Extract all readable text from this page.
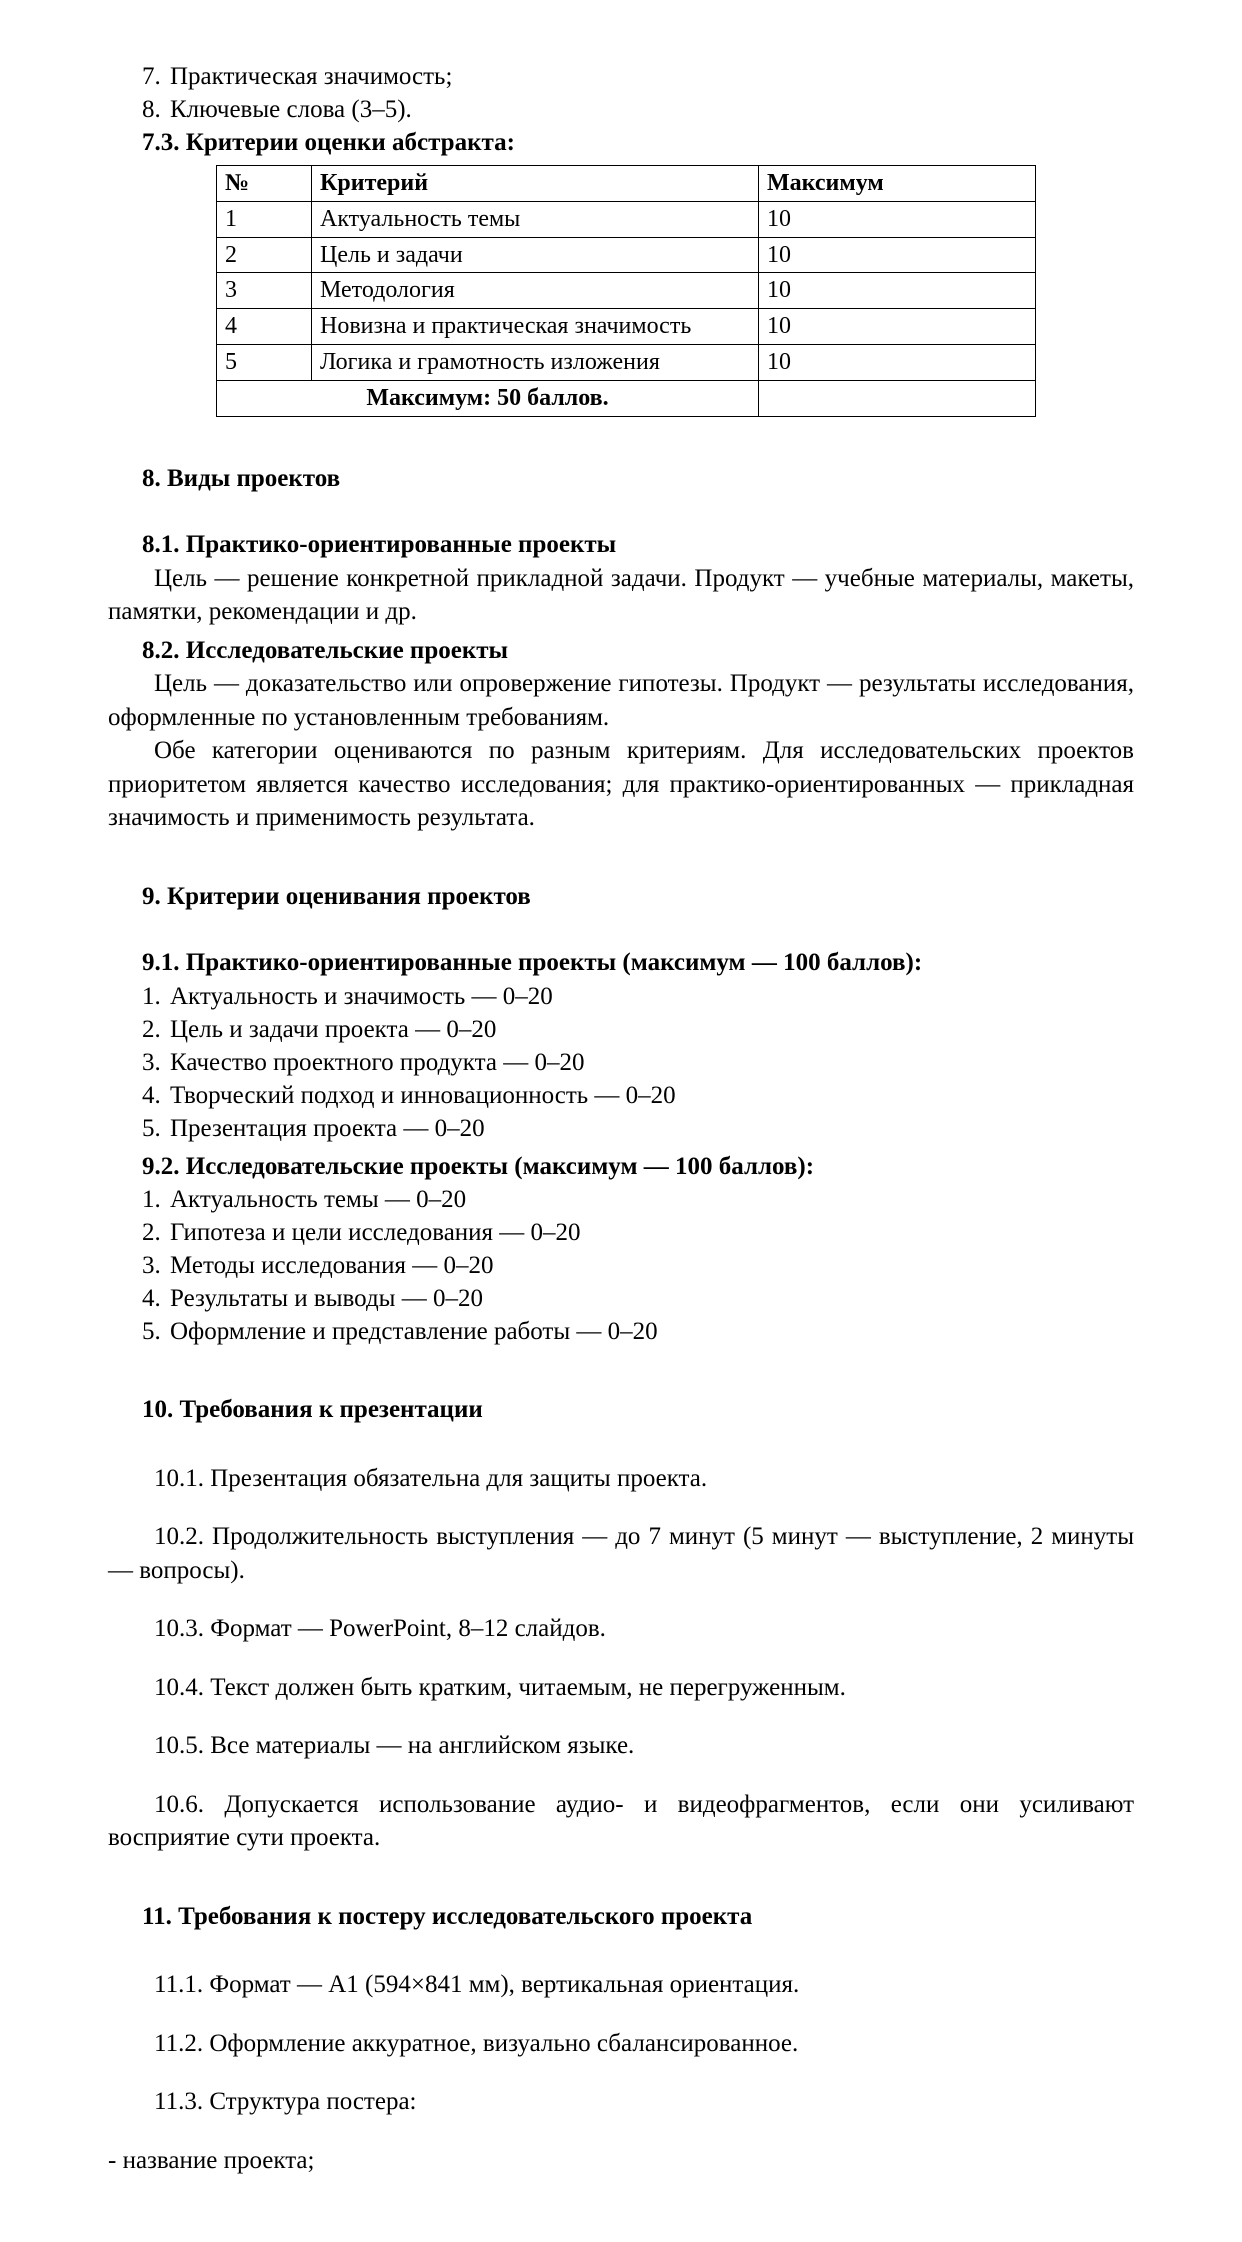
7. Практическая значимость;
8. Ключевые слова (3–5).
7.3. Критерии оценки абстракта:
№	Критерий	Максимум
1	Актуальность темы	10
2	Цель и задачи	10
3	Методология	10
4	Новизна и практическая значимость	10
5	Логика и грамотность изложения	10
Максимум: 50 баллов.		
8. Виды проектов
8.1. Практико-ориентированные проекты

Цель — решение конкретной прикладной задачи. Продукт — учебные материалы, макеты, памятки, рекомендации и др.

8.2. Исследовательские проекты

Цель — доказательство или опровержение гипотезы. Продукт — результаты исследования, оформленные по установленным требованиям.

Обе категории оцениваются по разным критериям. Для исследовательских проектов приоритетом является качество исследования; для практико-ориентированных — прикладная значимость и применимость результата.

9. Критерии оценивания проектов
9.1. Практико-ориентированные проекты (максимум — 100 баллов):
1. Актуальность и значимость — 0–20
2. Цель и задачи проекта — 0–20
3. Качество проектного продукта — 0–20
4. Творческий подход и инновационность — 0–20
5. Презентация проекта — 0–20
9.2. Исследовательские проекты (максимум — 100 баллов):
1. Актуальность темы — 0–20
2. Гипотеза и цели исследования — 0–20
3. Методы исследования — 0–20
4. Результаты и выводы — 0–20
5. Оформление и представление работы — 0–20
10. Требования к презентации

10.1. Презентация обязательна для защиты проекта.

10.2. Продолжительность выступления — до 7 минут (5 минут — выступление, 2 минуты — вопросы).

10.3. Формат — PowerPoint, 8–12 слайдов.

10.4. Текст должен быть кратким, читаемым, не перегруженным.

10.5. Все материалы — на английском языке.

10.6. Допускается использование аудио- и видеофрагментов, если они усиливают восприятие сути проекта.

11. Требования к постеру исследовательского проекта

11.1. Формат — А1 (594×841 мм), вертикальная ориентация.

11.2. Оформление аккуратное, визуально сбалансированное.

11.3. Структура постера:

- название проекта;
